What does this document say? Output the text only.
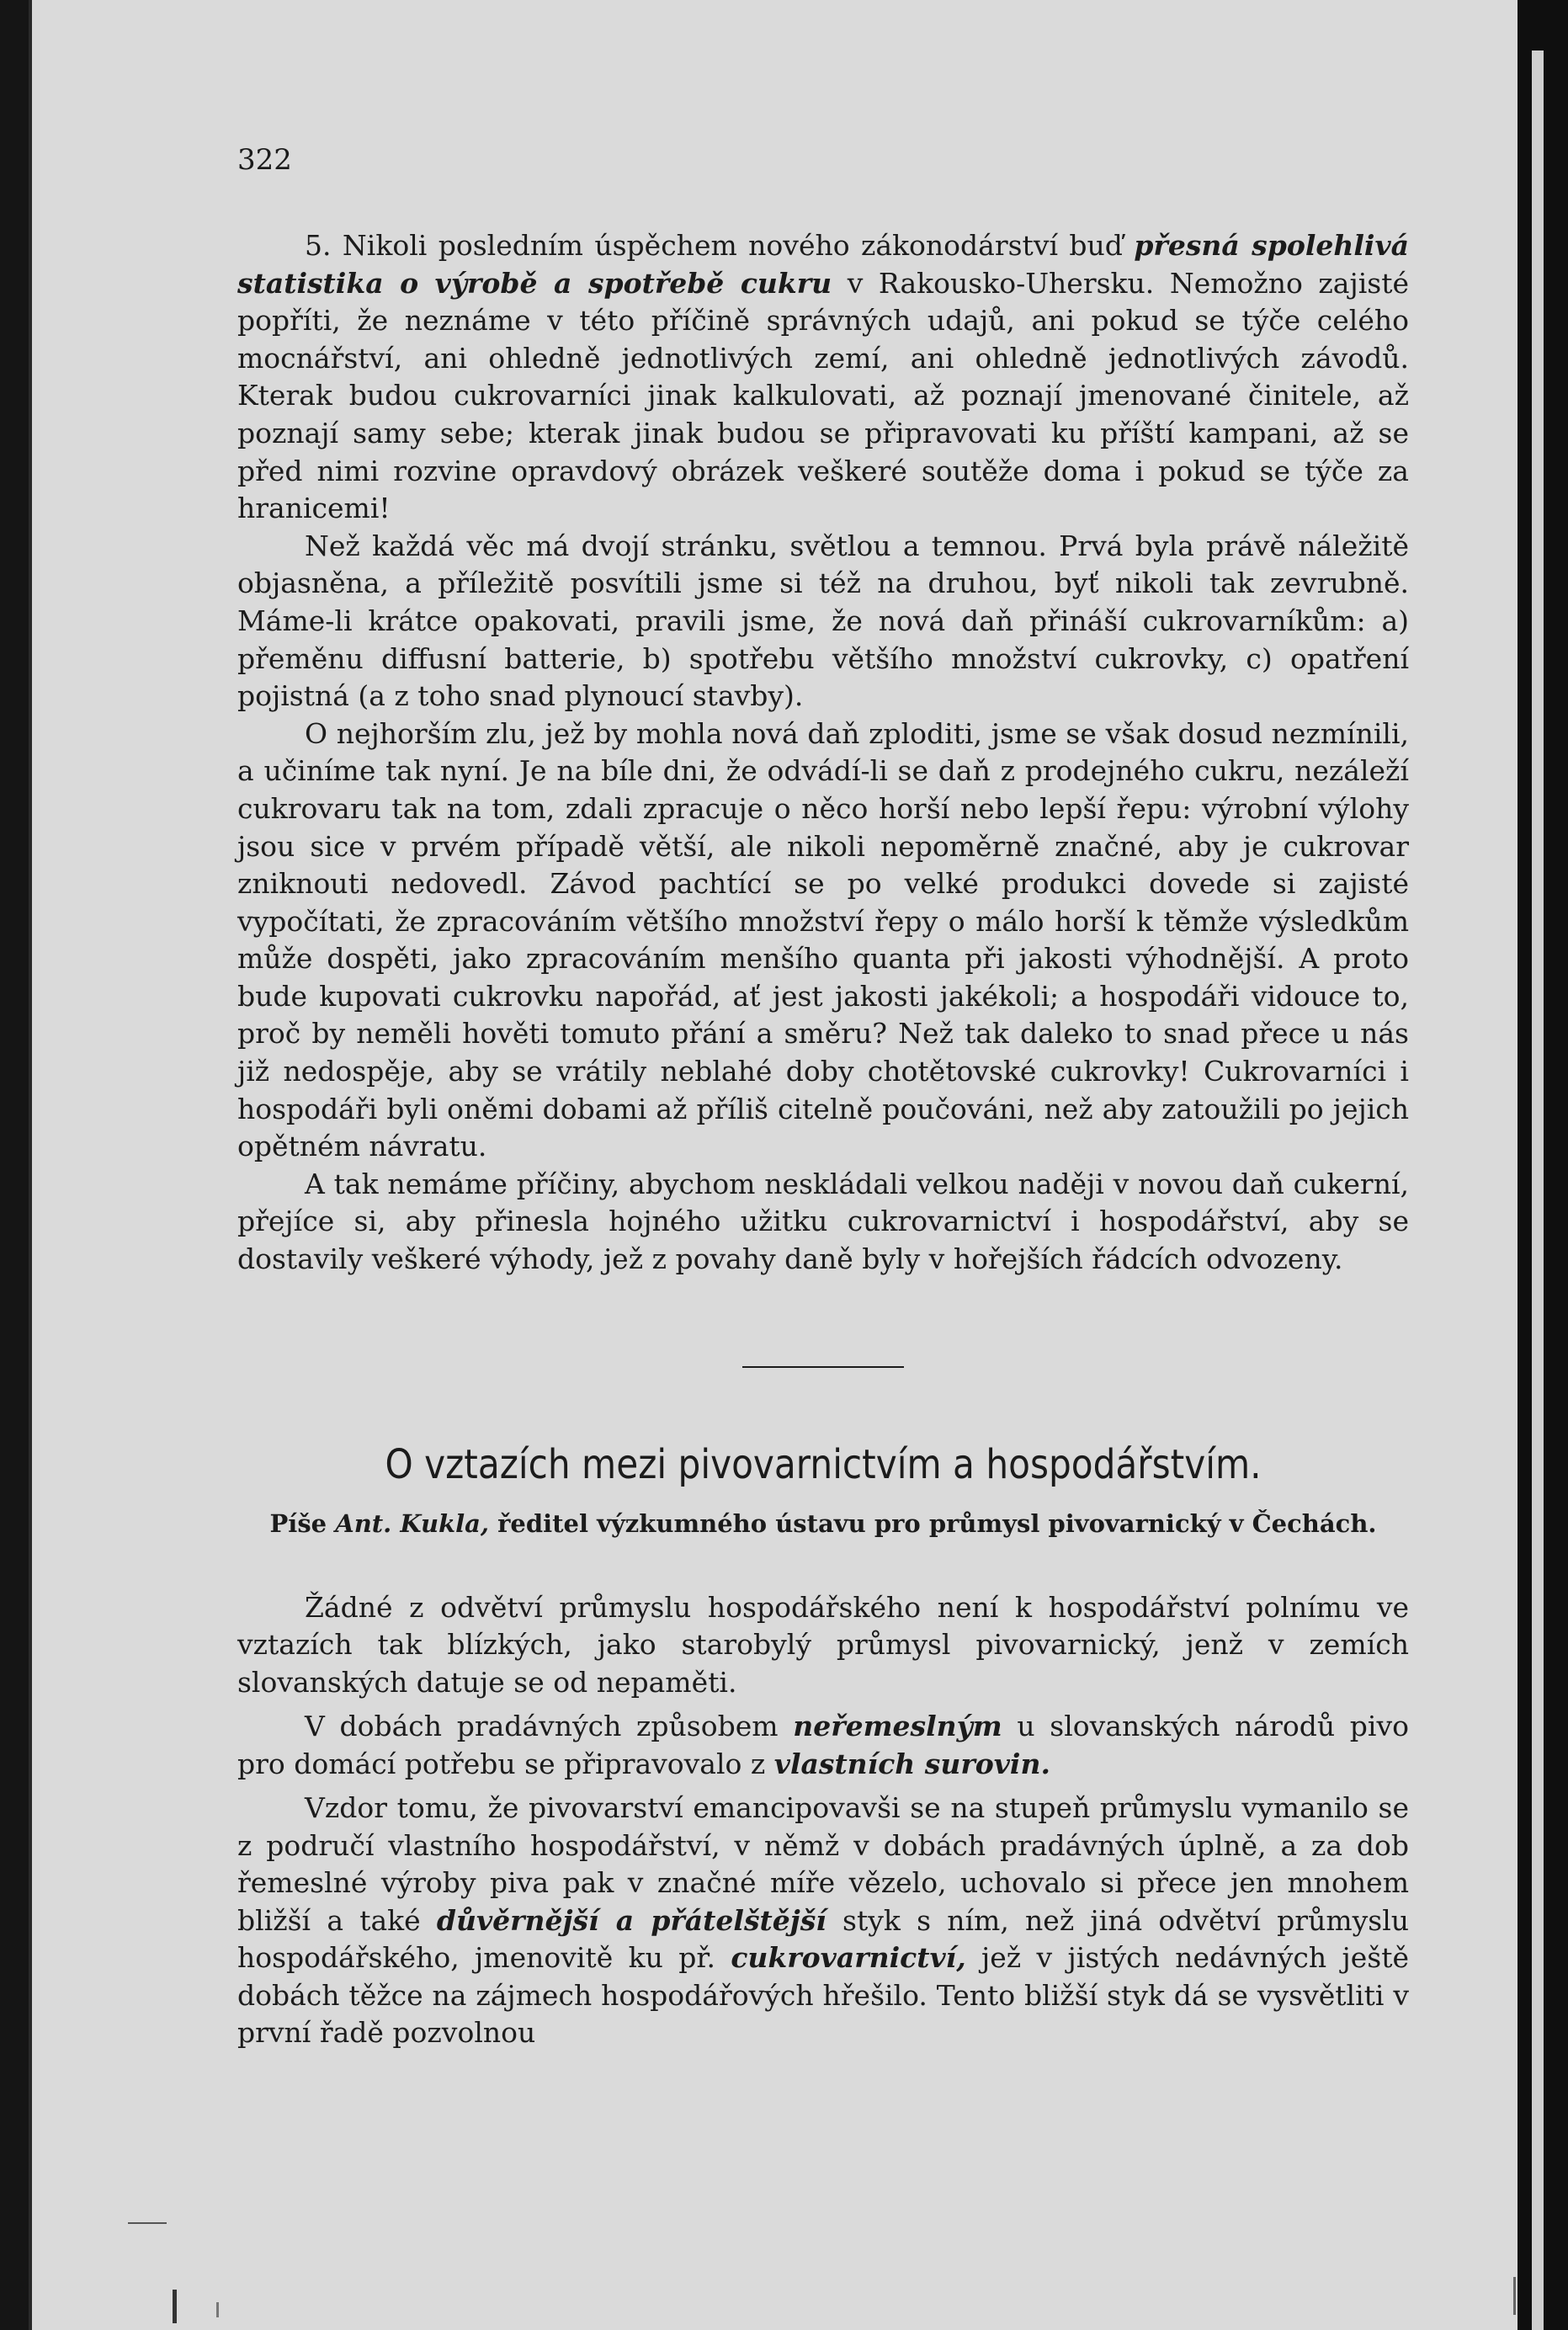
322

5. Nikoli posledním úspěchem nového zákonodárství buď přesná spolehlivá statistika o výrobě a spotřebě cukru v Rakousko-Uhersku. Nemožno zajisté popříti, že neznáme v této příčině správných udajů, ani pokud se týče celého mocnářství, ani ohledně jednotlivých zemí, ani ohledně jednotlivých závodů. Kterak budou cukrovarníci jinak kalkulovati, až poznají jmenované činitele, až poznají samy sebe; kterak jinak budou se připravovati ku příští kampani, až se před nimi rozvine opravdový obrázek veškeré soutěže doma i pokud se týče za hranicemi!

Než každá věc má dvojí stránku, světlou a temnou. Prvá byla právě náležitě objasněna, a příležitě posvítili jsme si též na druhou, byť nikoli tak zevrubně. Máme-li krátce opakovati, pravili jsme, že nová daň přináší cukrovarníkům: a) přeměnu diffusní batterie, b) spotřebu většího množství cukrovky, c) opatření pojistná (a z toho snad plynoucí stavby).

O nejhorším zlu, jež by mohla nová daň zploditi, jsme se však dosud nezmínili, a učiníme tak nyní. Je na bíle dni, že odvádí-li se daň z prodejného cukru, nezáleží cukrovaru tak na tom, zdali zpracuje o něco horší nebo lepší řepu: výrobní výlohy jsou sice v prvém případě větší, ale nikoli nepoměrně značné, aby je cukrovar zniknouti nedovedl. Závod pachtící se po velké produkci dovede si zajisté vypočítati, že zpracováním většího množství řepy o málo horší k těmže výsledkům může dospěti, jako zpracováním menšího quanta při jakosti výhodnější. A proto bude kupovati cukrovku napořád, ať jest jakosti jakékoli; a hospodáři vidouce to, proč by neměli hověti tomuto přání a směru? Než tak daleko to snad přece u nás již nedospěje, aby se vrátily neblahé doby chotětovské cukrovky! Cukrovarníci i hospodáři byli oněmi dobami až příliš citelně poučováni, než aby zatoužili po jejich opětném návratu.

A tak nemáme příčiny, abychom neskládali velkou naději v novou daň cukerní, přejíce si, aby přinesla hojného užitku cukrovarnictví i hospodářství, aby se dostavily veškeré výhody, jež z povahy daně byly v hořejších řádcích odvozeny.

O vztazích mezi pivovarnictvím a hospodářstvím.
Píše Ant. Kukla, ředitel výzkumného ústavu pro průmysl pivovarnický v Čechách.

Žádné z odvětví průmyslu hospodářského není k hospodářství polnímu ve vztazích tak blízkých, jako starobylý průmysl pivovarnický, jenž v zemích slovanských datuje se od nepaměti.

V dobách pradávných způsobem neřemeslným u slovanských národů pivo pro domácí potřebu se připravovalo z vlastních surovin.

Vzdor tomu, že pivovarství emancipovavši se na stupeň průmyslu vymanilo se z područí vlastního hospodářství, v němž v dobách pradávných úplně, a za dob řemeslné výroby piva pak v značné míře vězelo, uchovalo si přece jen mnohem bližší a také důvěrnější a přátelštější styk s ním, než jiná odvětví průmyslu hospodářského, jmenovitě ku př. cukrovarnictví, jež v jistých nedávných ještě dobách těžce na zájmech hospodářových hřešilo. Tento bližší styk dá se vysvětliti v první řadě pozvolnou
